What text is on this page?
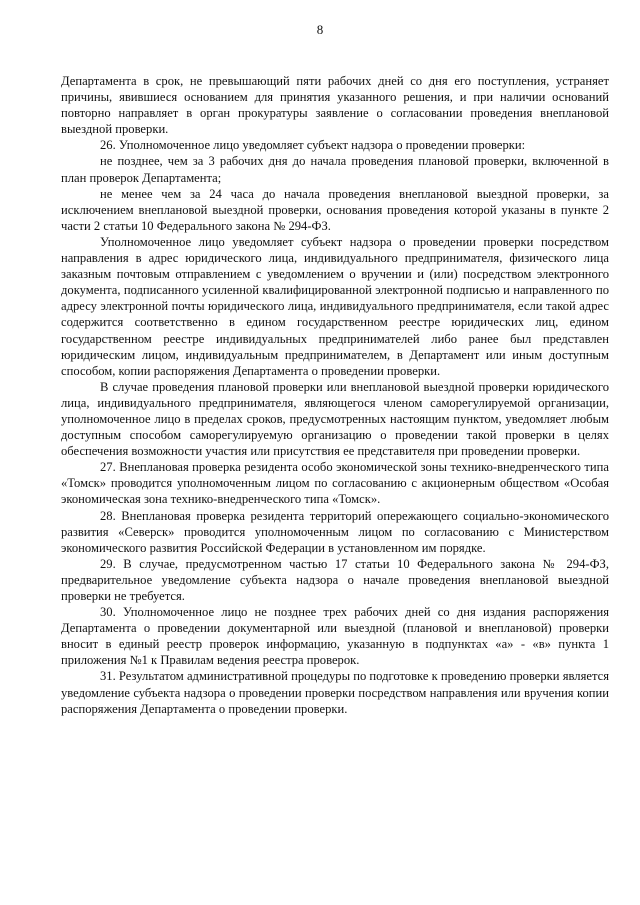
8

Департамента в срок, не превышающий пяти рабочих дней со дня его поступления, устраняет причины, явившиеся основанием для принятия указанного решения, и при наличии оснований повторно направляет в орган прокуратуры заявление о согласовании проведения внеплановой выездной проверки.

26. Уполномоченное лицо уведомляет субъект надзора о проведении проверки:

не позднее, чем за 3 рабочих дня до начала проведения плановой проверки, включенной в план проверок Департамента;

не менее чем за 24 часа до начала проведения внеплановой выездной проверки, за исключением внеплановой выездной проверки, основания проведения которой указаны в пункте 2 части 2 статьи 10 Федерального закона № 294-ФЗ.

Уполномоченное лицо уведомляет субъект надзора о проведении проверки посредством направления в адрес юридического лица, индивидуального предпринимателя, физического лица заказным почтовым отправлением с уведомлением о вручении и (или) посредством электронного документа, подписанного усиленной квалифицированной электронной подписью и направленного по адресу электронной почты юридического лица, индивидуального предпринимателя, если такой адрес содержится соответственно в едином государственном реестре юридических лиц, едином государственном реестре индивидуальных предпринимателей либо ранее был представлен юридическим лицом, индивидуальным предпринимателем, в Департамент или иным доступным способом, копии распоряжения Департамента о проведении проверки.

В случае проведения плановой проверки или внеплановой выездной проверки юридического лица, индивидуального предпринимателя, являющегося членом саморегулируемой организации, уполномоченное лицо в пределах сроков, предусмотренных настоящим пунктом, уведомляет любым доступным способом саморегулируемую организацию о проведении такой проверки в целях обеспечения возможности участия или присутствия ее представителя при проведении проверки.

27. Внеплановая проверка резидента особо экономической зоны технико-внедренческого типа «Томск» проводится уполномоченным лицом по согласованию с акционерным обществом «Особая экономическая зона технико-внедренческого типа «Томск».

28. Внеплановая проверка резидента территорий опережающего социально-экономического развития «Северск» проводится уполномоченным лицом по согласованию с Министерством экономического развития Российской Федерации в установленном им порядке.

29. В случае, предусмотренном частью 17 статьи 10 Федерального закона № 294-ФЗ, предварительное уведомление субъекта надзора о начале проведения внеплановой выездной проверки не требуется.

30. Уполномоченное лицо не позднее трех рабочих дней со дня издания распоряжения Департамента о проведении документарной или выездной (плановой и внеплановой) проверки вносит в единый реестр проверок информацию, указанную в подпунктах «а» - «в» пункта 1 приложения №1 к Правилам ведения реестра проверок.

31. Результатом административной процедуры по подготовке к проведению проверки является уведомление субъекта надзора о проведении проверки посредством направления или вручения копии распоряжения Департамента о проведении проверки.
